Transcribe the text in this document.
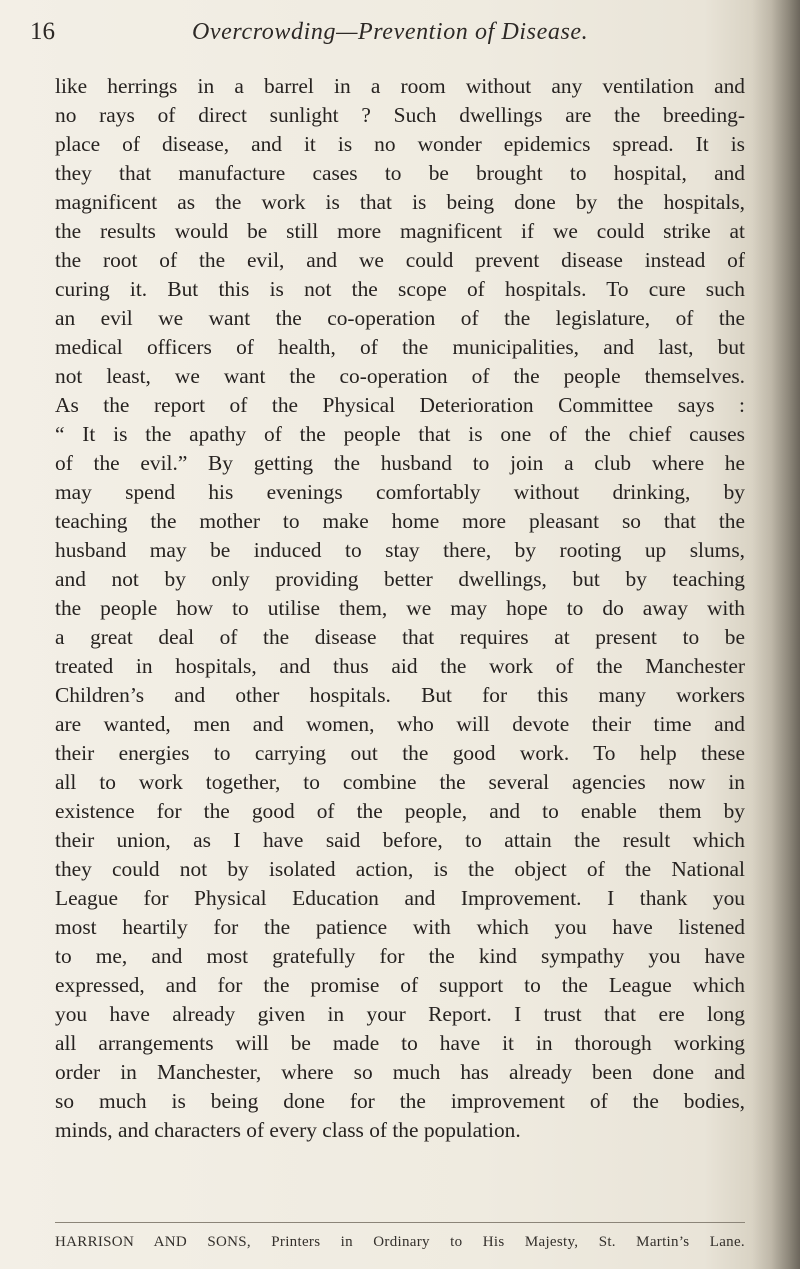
16	Overcrowding—Prevention of Disease.
like herrings in a barrel in a room without any ventilation and
no rays of direct sunlight ? Such dwellings are the breeding-
place of disease, and it is no wonder epidemics spread. It is
they that manufacture cases to be brought to hospital, and
magnificent as the work is that is being done by the hospitals,
the results would be still more magnificent if we could strike at
the root of the evil, and we could prevent disease instead of
curing it. But this is not the scope of hospitals. To cure such
an evil we want the co-operation of the legislature, of the
medical officers of health, of the municipalities, and last, but
not least, we want the co-operation of the people themselves.
As the report of the Physical Deterioration Committee says :
“ It is the apathy of the people that is one of the chief causes
of the evil.” By getting the husband to join a club where he
may spend his evenings comfortably without drinking, by
teaching the mother to make home more pleasant so that the
husband may be induced to stay there, by rooting up slums,
and not by only providing better dwellings, but by teaching
the people how to utilise them, we may hope to do away with
a great deal of the disease that requires at present to be
treated in hospitals, and thus aid the work of the Manchester
Children’s and other hospitals. But for this many workers
are wanted, men and women, who will devote their time and
their energies to carrying out the good work. To help these
all to work together, to combine the several agencies now in
existence for the good of the people, and to enable them by
their union, as I have said before, to attain the result which
they could not by isolated action, is the object of the National
League for Physical Education and Improvement. I thank you
most heartily for the patience with which you have listened
to me, and most gratefully for the kind sympathy you have
expressed, and for the promise of support to the League which
you have already given in your Report. I trust that ere long
all arrangements will be made to have it in thorough working
order in Manchester, where so much has already been done and
so much is being done for the improvement of the bodies,
minds, and characters of every class of the population.
HARRISON AND SONS, Printers in Ordinary to His Majesty, St. Martin’s Lane.
